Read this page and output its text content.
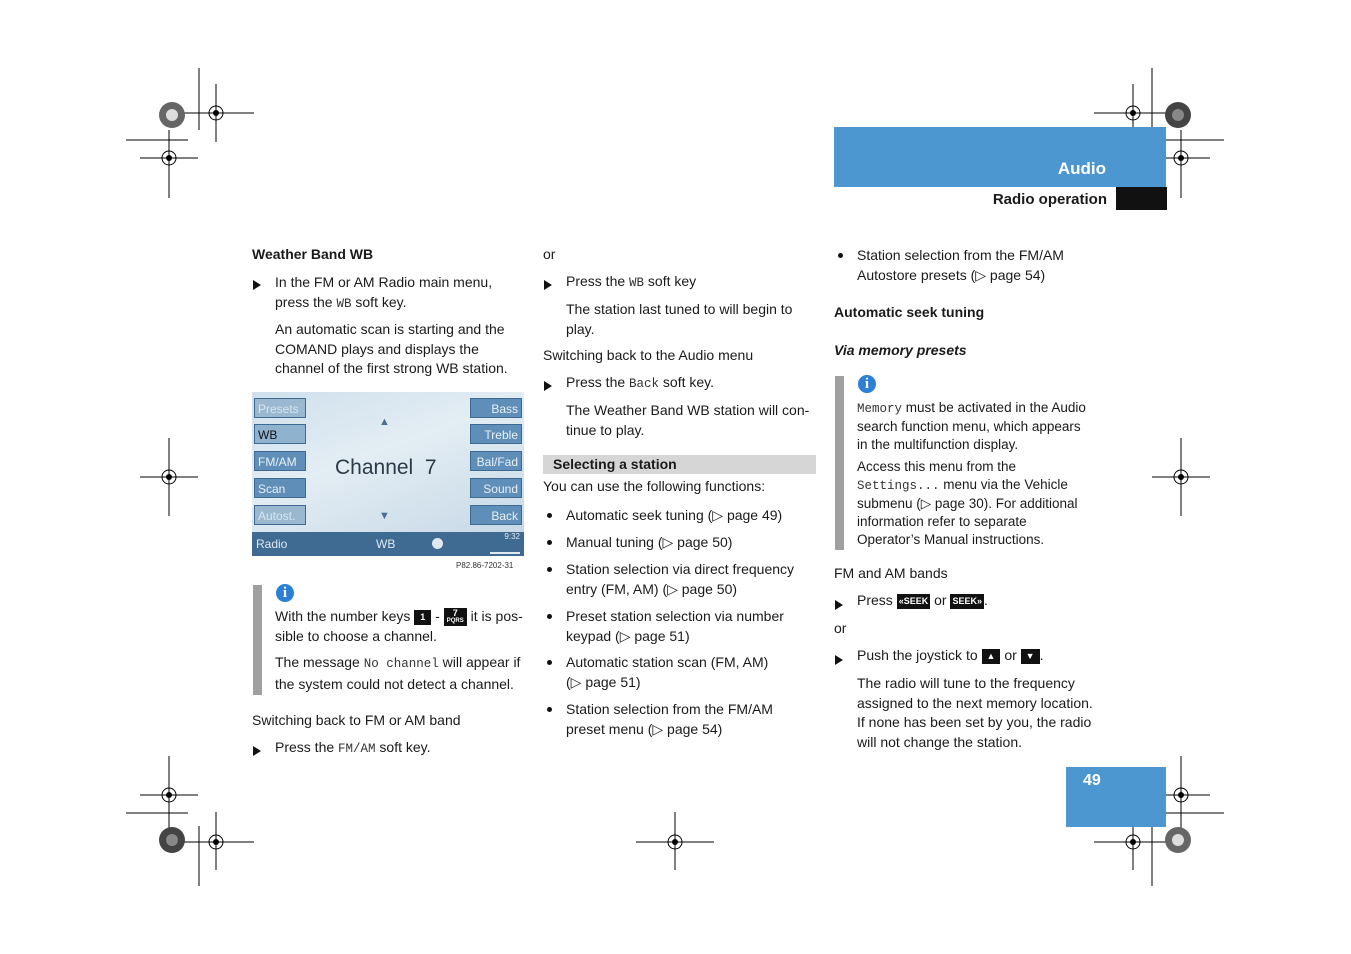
Audio
Radio operation
49
Weather Band WB
In the FM or AM Radio main menu,
press the WB soft key.
An automatic scan is starting and the
COMAND plays and displays the
channel of the first strong WB station.
Presets
WB
FM/AM
Scan
Autost.
Bass
Treble
Bal/Fad
Sound
Back
▲
Channel  7
▼
Radio	WB
9:32
P82.86-7202-31
i
With the number keys 1 -	7
PQRS it is pos-
sible to choose a channel.
The message No channel will appear if
the system could not detect a channel.
Switching back to FM or AM band
Press the FM/AM soft key.
or
Press the WB soft key
The station last tuned to will begin to
play.
Switching back to the Audio menu
Press the Back soft key.
The Weather Band WB station will con-
tinue to play.
Selecting a station
You can use the following functions:
Automatic seek tuning (▷ page 49)
Manual tuning (▷ page 50)
Station selection via direct frequency
entry (FM, AM) (▷ page 50)
Preset station selection via number
keypad (▷ page 51)
Automatic station scan (FM, AM)
(▷ page 51)
Station selection from the FM/AM
preset menu (▷ page 54)
Station selection from the FM/AM
Autostore presets (▷ page 54)
Automatic seek tuning
Via memory presets
i
Memory must be activated in the Audio
search function menu, which appears
in the multifunction display.
Access this menu from the
Settings... menu via the Vehicle
submenu (▷ page 30). For additional
information refer to separate
Operator’s Manual instructions.
FM and AM bands
Press «SEEK or SEEK» .
or
Push the joystick to ▲ or ▼ .
The radio will tune to the frequency
assigned to the next memory location.
If none has been set by you, the radio
will not change the station.
